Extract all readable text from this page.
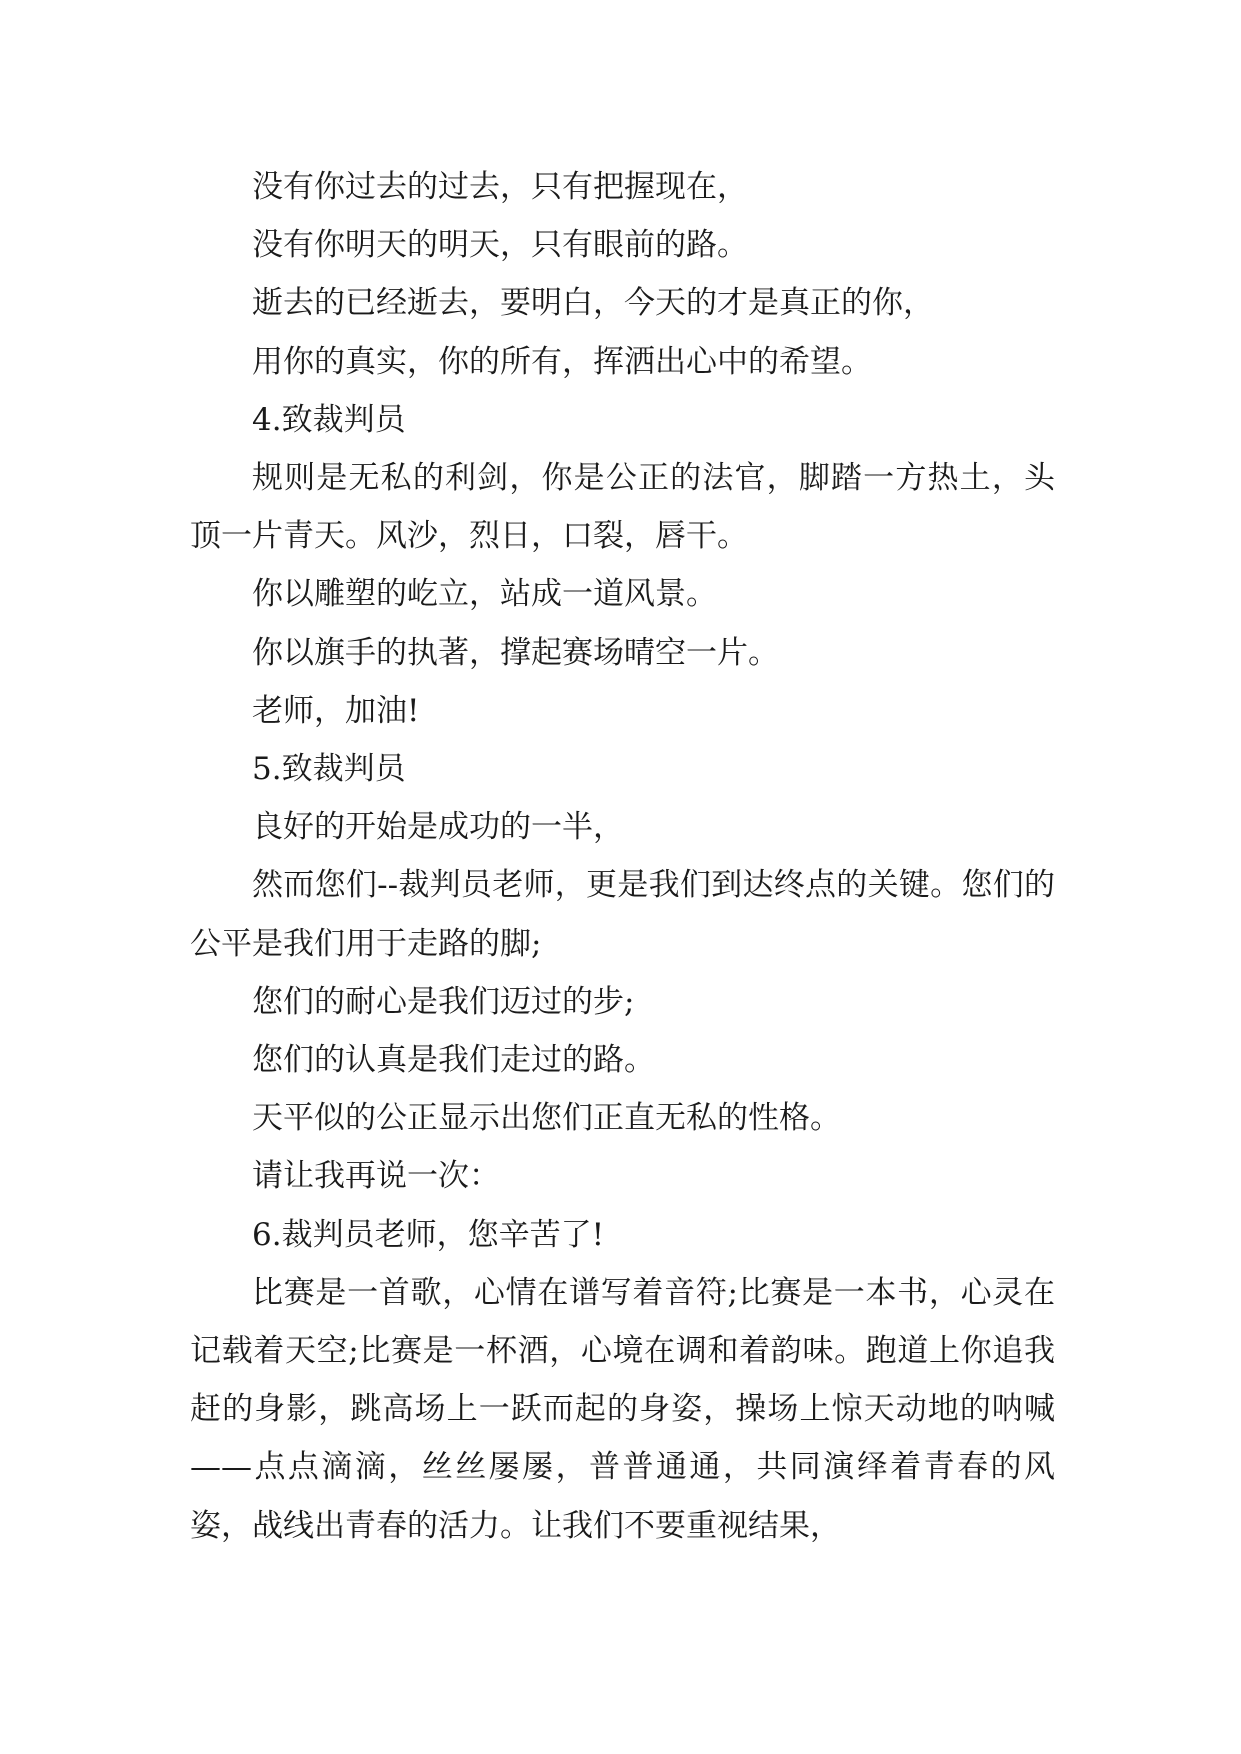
没有你过去的过去，只有把握现在，

没有你明天的明天，只有眼前的路。

逝去的已经逝去，要明白，今天的才是真正的你，

用你的真实，你的所有，挥洒出心中的希望。

4.致裁判员

规则是无私的利剑，你是公正的法官，脚踏一方热土，头顶一片青天。风沙，烈日，口裂，唇干。

你以雕塑的屹立，站成一道风景。

你以旗手的执著，撑起赛场晴空一片。

老师，加油!

5.致裁判员

良好的开始是成功的一半，

然而您们--裁判员老师，更是我们到达终点的关键。您们的公平是我们用于走路的脚;

您们的耐心是我们迈过的步;

您们的认真是我们走过的路。

天平似的公正显示出您们正直无私的性格。

请让我再说一次：

6.裁判员老师，您辛苦了!

比赛是一首歌，心情在谱写着音符;比赛是一本书，心灵在记载着天空;比赛是一杯酒，心境在调和着韵味。跑道上你追我赶的身影，跳高场上一跃而起的身姿，操场上惊天动地的呐喊——点点滴滴，丝丝屡屡，普普通通，共同演绎着青春的风姿，战线出青春的活力。让我们不要重视结果，
